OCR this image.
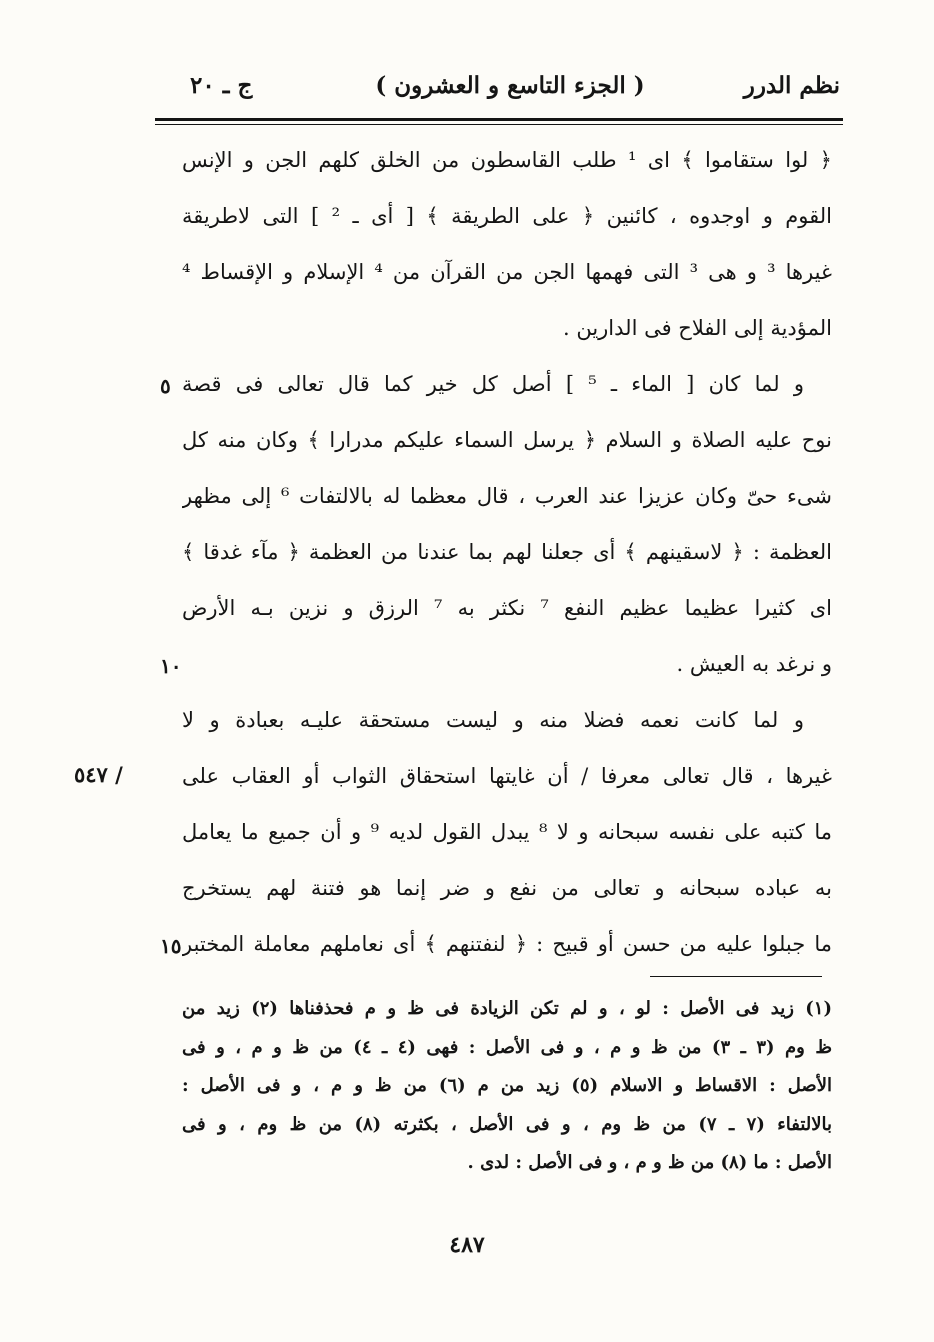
نظم الدرر
( الجزء التاسع و العشرون )
ج ـ ٢٠
﴿ لوا ستقاموا ﴾ اى ¹ طلب القاسطون من الخلق كلهم الجن و الإنس
القوم و اوجدوه ، كائنين ﴿ على الطريقة ﴾ [ أى ـ ² ] التى لاطريقة
غيرها ³ و هى ³ التى فهمها الجن من القرآن من ⁴ الإسلام و الإقساط ⁴
المؤدية إلى الفلاح فى الدارين .
و لما كان [ الماء ـ ⁵ ] أصل كل خير كما قال تعالى فى قصة
نوح عليه الصلاة و السلام ﴿ يرسل السماء عليكم مدرارا ﴾ وكان منه كل
شىء حىّ وكان عزيزا عند العرب ، قال معظما له بالالتفات ⁶ إلى مظهر
العظمة : ﴿ لاسقينهم ﴾ أى جعلنا لهم بما عندنا من العظمة ﴿ مآء غدقا ﴾
اى كثيرا عظيما عظيم النفع ⁷ نكثر به ⁷ الرزق و نزين بـه الأرض
و نرغد به العيش .
و لما كانت نعمه فضلا منه و ليست مستحقة عليـه بعبادة و لا
غيرها ، قال تعالى معرفا / أن غايتها استحقاق الثواب أو العقاب على
ما كتبه على نفسه سبحانه و لا ⁸ يبدل القول لديه ⁹ و أن جميع ما يعامل
به عباده سبحانه و تعالى من نفع و ضر إنما هو فتنة لهم يستخرج
ما جبلوا عليه من حسن أو قبيح : ﴿ لنفتنهم ﴾ أى نعاملهم معاملة المختبر
٥
١٠
١٥
/ ٥٤٧
(١) زيد فى الأصل : لو ، و لم تكن الزيادة فى ظ و م فحذفناها (٢) زيد من
ظ وم (٣ ـ ٣) من ظ و م ، و فى الأصل : فهى (٤ ـ ٤) من ظ و م ، و فى
الأصل : الاقساط و الاسلام (٥) زيد من م (٦) من ظ و م ، و فى الأصل :
بالالتفاء (٧ ـ ٧) من ظ وم ، و فى الأصل ، بكثرته (٨) من ظ وم ، و فى
الأصل : ما (٨) من ظ و م ، و فى الأصل : لدى .
٤٨٧
